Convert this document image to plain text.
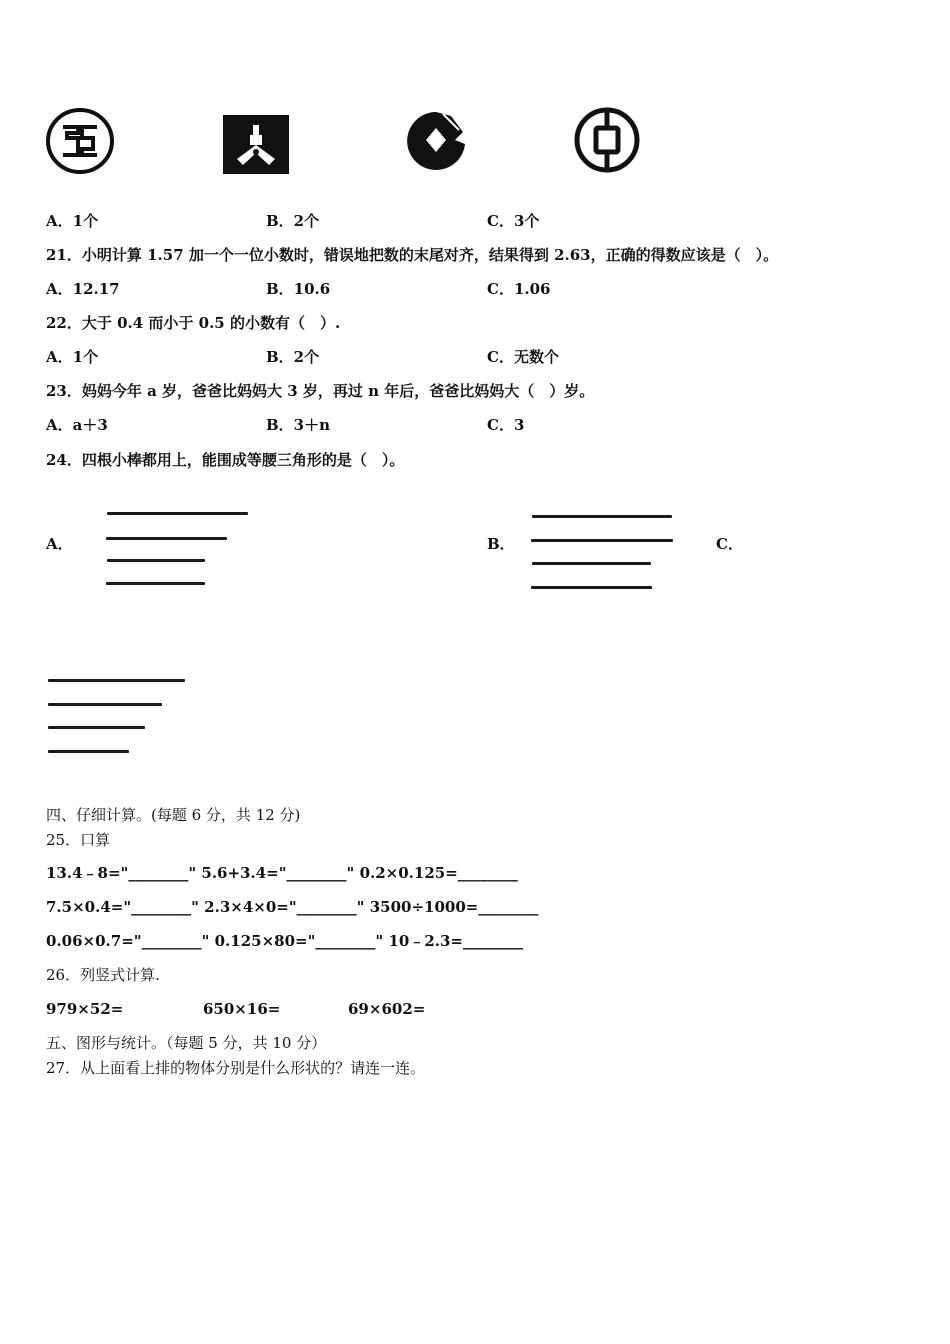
A．1个	B．2个	C．3个
21．小明计算 1.57 加一个一位小数时，错误地把数的末尾对齐，结果得到 2.63，正确的得数应该是（　）。
A．12.17	B．10.6	C．1.06
22．大于 0.4 而小于 0.5 的小数有（　）.
A．1个	B．2个	C．无数个
23．妈妈今年 a 岁，爸爸比妈妈大 3 岁，再过 n 年后，爸爸比妈妈大（　）岁。
A．a＋3	B．3＋n	C．3
24．四根小棒都用上，能围成等腰三角形的是（　）。
A．	B．	C．
四、仔细计算。(每题 6 分，共 12 分)
25．口算
13.4﹣8="________" 5.6+3.4="________" 0.2×0.125=________
7.5×0.4="________" 2.3×4×0="________" 3500÷1000=________
0.06×0.7="________" 0.125×80="________" 10﹣2.3=________
26．列竖式计算.
979×52=	650×16=	69×602=
五、图形与统计。（每题 5 分，共 10 分）
27．从上面看上排的物体分别是什么形状的？请连一连。
